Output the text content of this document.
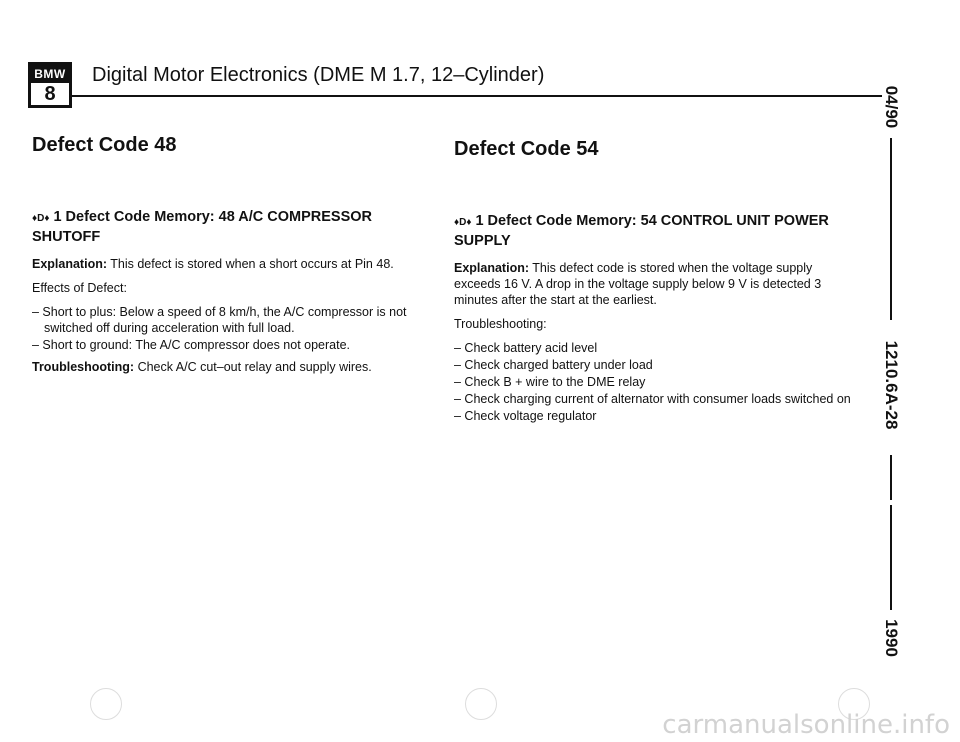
BMW
8
Digital Motor Electronics (DME M 1.7, 12–Cylinder)
04/90
1210.6A-28
1990
Defect Code 48
♦D♦ 1 Defect Code Memory: 48 A/C COMPRESSOR SHUTOFF

Explanation: This defect is stored when a short occurs at Pin 48.

Effects of Defect:

– Short to plus: Below a speed of 8 km/h, the A/C compressor is not switched off during acceleration with full load.
– Short to ground: The A/C compressor does not operate.

Troubleshooting: Check A/C cut–out relay and supply wires.

Defect Code 54
♦D♦ 1 Defect Code Memory: 54 CONTROL UNIT POWER SUPPLY

Explanation: This defect code is stored when the voltage supply exceeds 16 V. A drop in the voltage supply below 9 V is detected 3 minutes after the start at the earliest.

Troubleshooting:

– Check battery acid level
– Check charged battery under load
– Check B + wire to the DME relay
– Check charging current of alternator with consumer loads switched on
– Check voltage regulator
carmanualsonline.info
